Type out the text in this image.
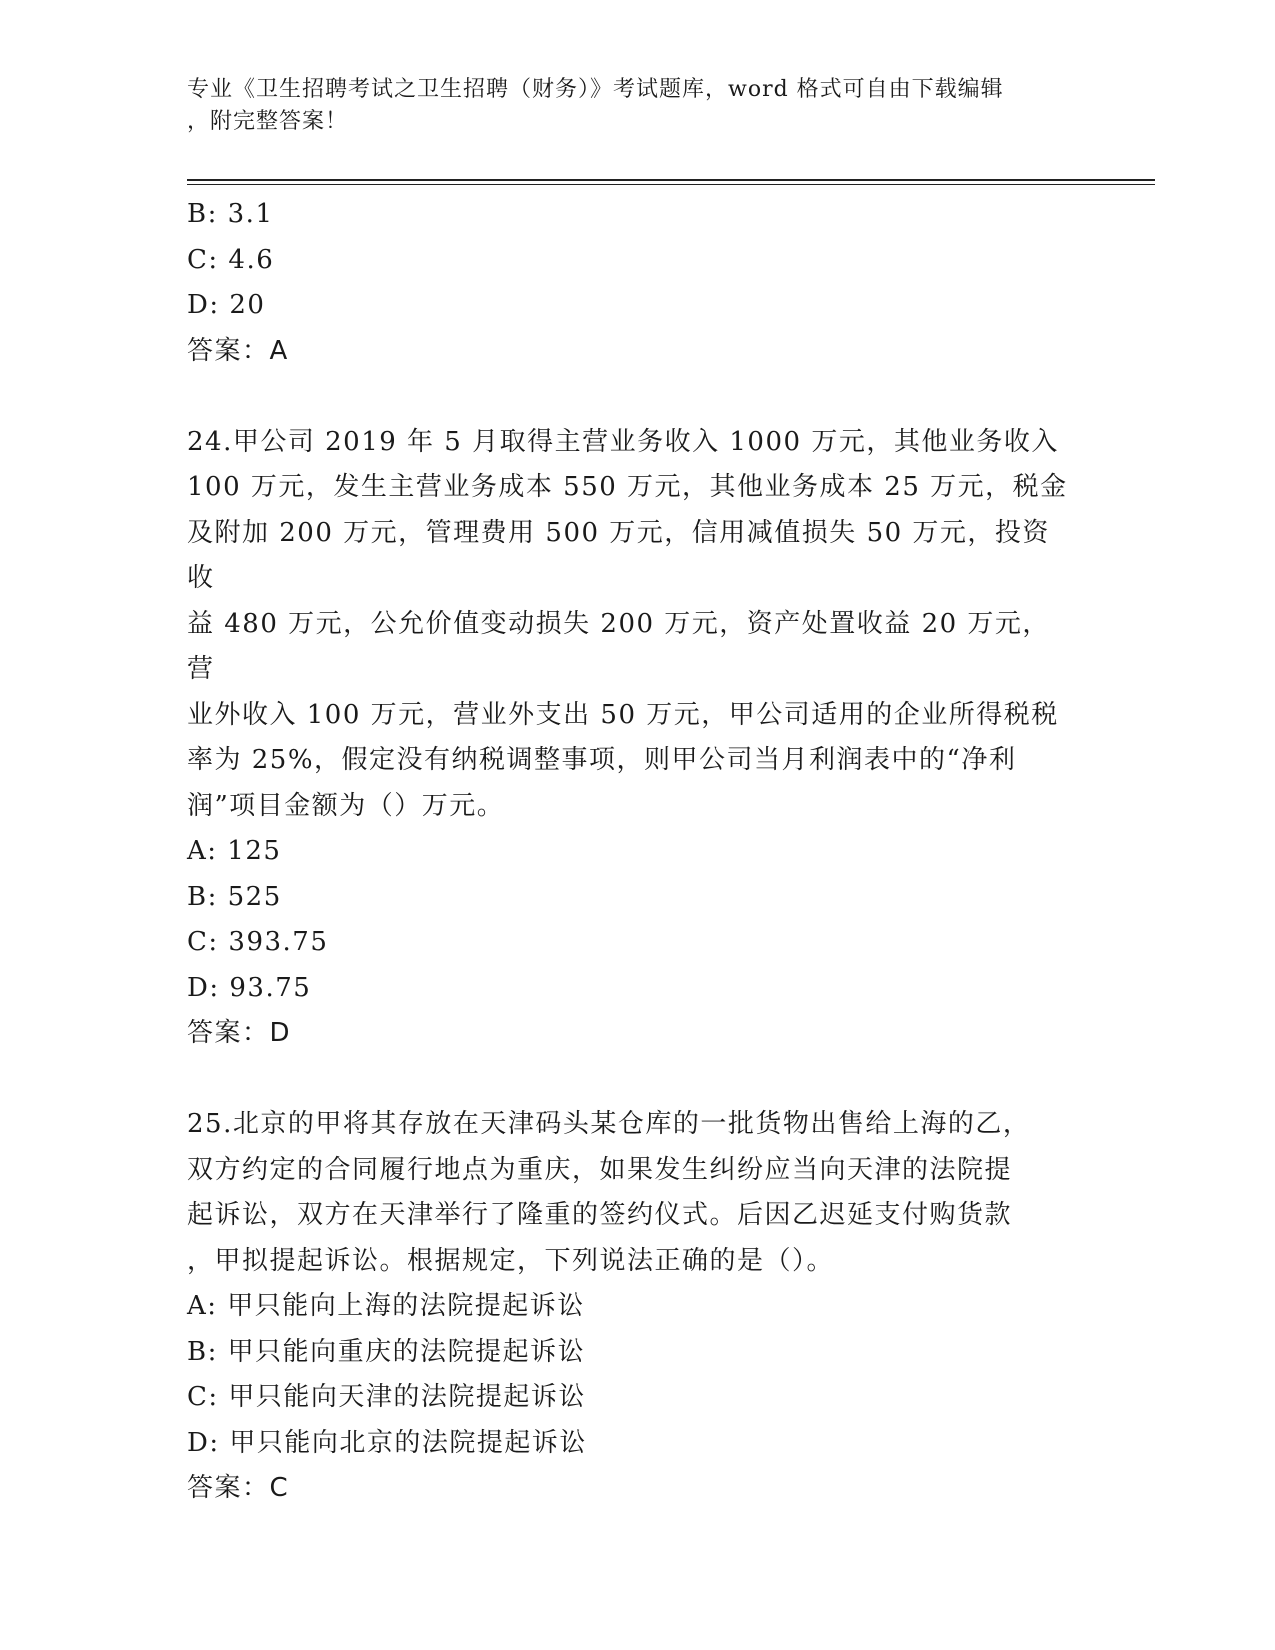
专业《卫生招聘考试之卫生招聘（财务）》考试题库，word 格式可自由下载编辑
，附完整答案！
B: 3.1
C: 4.6
D: 20
答案：A
24.甲公司 2019 年 5 月取得主营业务收入 1000 万元，其他业务收入
100 万元，发生主营业务成本 550 万元，其他业务成本 25 万元，税金
及附加 200 万元，管理费用 500 万元，信用减值损失 50 万元，投资收
益 480 万元，公允价值变动损失 200 万元，资产处置收益 20 万元，营
业外收入 100 万元，营业外支出 50 万元，甲公司适用的企业所得税税
率为 25%，假定没有纳税调整事项，则甲公司当月利润表中的“净利
润”项目金额为（）万元。
A: 125
B: 525
C: 393.75
D: 93.75
答案：D
25.北京的甲将其存放在天津码头某仓库的一批货物出售给上海的乙，
双方约定的合同履行地点为重庆，如果发生纠纷应当向天津的法院提
起诉讼，双方在天津举行了隆重的签约仪式。后因乙迟延支付购货款
，甲拟提起诉讼。根据规定，下列说法正确的是（）。
A: 甲只能向上海的法院提起诉讼
B: 甲只能向重庆的法院提起诉讼
C: 甲只能向天津的法院提起诉讼
D: 甲只能向北京的法院提起诉讼
答案：C
